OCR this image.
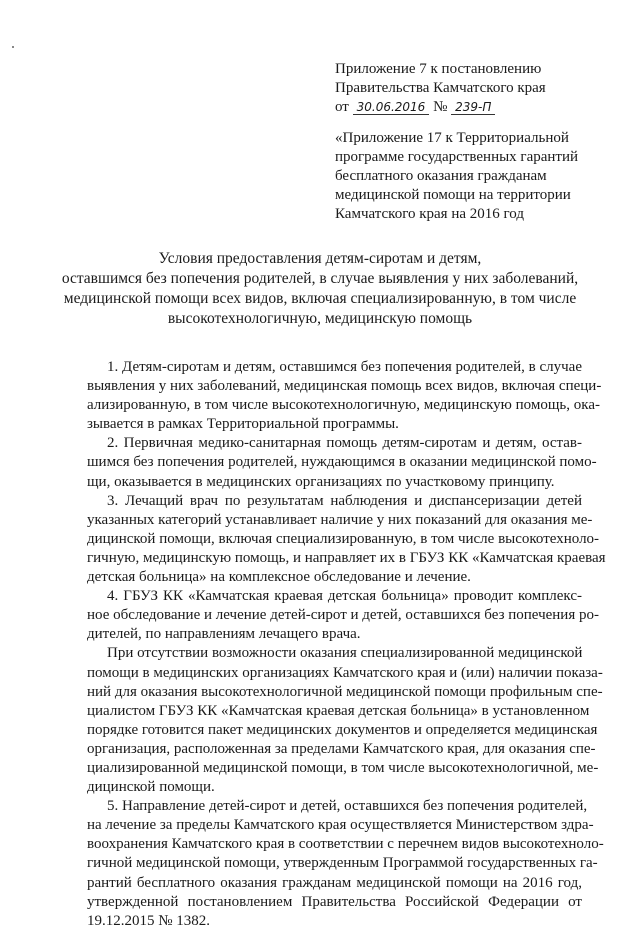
Приложение 7 к постановлению
Правительства Камчатского края
от 30.06.2016 № 239-П
«Приложение 17 к Территориальной
программе государственных гарантий
бесплатного оказания гражданам
медицинской помощи на территории
Камчатского края на 2016 год
Условия предоставления детям-сиротам и детям,
оставшимся без попечения родителей, в случае выявления у них заболеваний,
медицинской помощи всех видов, включая специализированную, в том числе
высокотехнологичную, медицинскую помощь
1. Детям-сиротам и детям, оставшимся без попечения родителей, в случае
выявления у них заболеваний, медицинская помощь всех видов, включая специ-
ализированную, в том числе высокотехнологичную, медицинскую помощь, ока-
зывается в рамках Территориальной программы.
2. Первичная медико-санитарная помощь детям-сиротам и детям, остав-
шимся без попечения родителей, нуждающимся в оказании медицинской помо-
щи, оказывается в медицинских организациях по участковому принципу.
3. Лечащий врач по результатам наблюдения и диспансеризации детей
указанных категорий устанавливает наличие у них показаний для оказания ме-
дицинской помощи, включая специализированную, в том числе высокотехноло-
гичную, медицинскую помощь, и направляет их в ГБУЗ КК «Камчатская краевая
детская больница» на комплексное обследование и лечение.
4. ГБУЗ КК «Камчатская краевая детская больница» проводит комплекс-
ное обследование и лечение детей-сирот и детей, оставшихся без попечения ро-
дителей, по направлениям лечащего врача.
При отсутствии возможности оказания специализированной медицинской
помощи в медицинских организациях Камчатского края и (или) наличии показа-
ний для оказания высокотехнологичной медицинской помощи профильным спе-
циалистом ГБУЗ КК «Камчатская краевая детская больница» в установленном
порядке готовится пакет медицинских документов и определяется медицинская
организация, расположенная за пределами Камчатского края, для оказания спе-
циализированной медицинской помощи, в том числе высокотехнологичной, ме-
дицинской помощи.
5. Направление детей-сирот и детей, оставшихся без попечения родителей,
на лечение за пределы Камчатского края осуществляется Министерством здра-
воохранения Камчатского края в соответствии с перечнем видов высокотехноло-
гичной медицинской помощи, утвержденным Программой государственных га-
рантий бесплатного оказания гражданам медицинской помощи на 2016 год,
утвержденной постановлением Правительства Российской Федерации от
19.12.2015 № 1382.
